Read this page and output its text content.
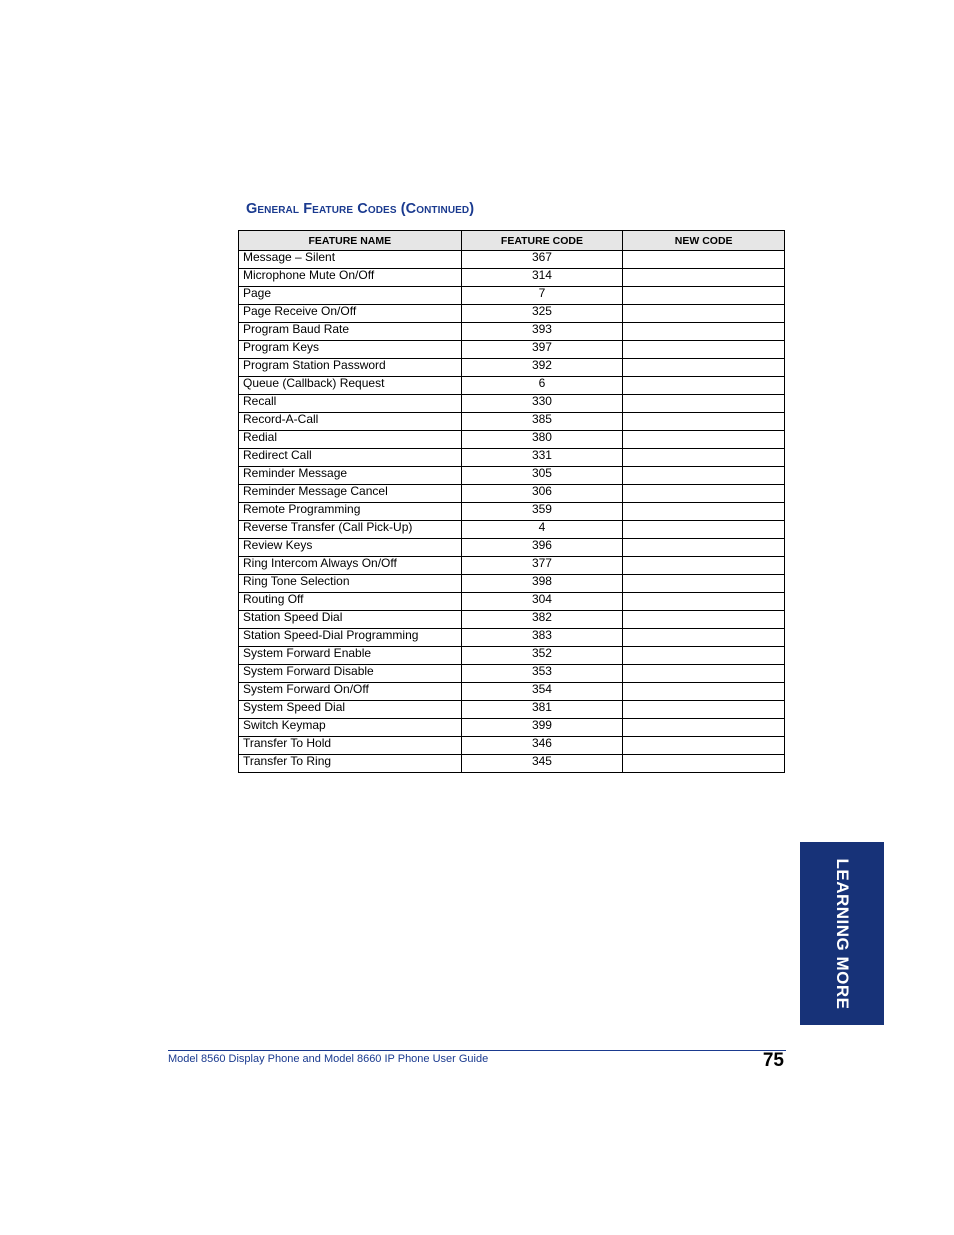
General Feature Codes (Continued)
FEATURE NAME	FEATURE CODE	NEW CODE
Message – Silent	367	
Microphone Mute On/Off	314	
Page	7	
Page Receive On/Off	325	
Program Baud Rate	393	
Program Keys	397	
Program Station Password	392	
Queue (Callback) Request	6	
Recall	330	
Record-A-Call	385	
Redial	380	
Redirect Call	331	
Reminder Message	305	
Reminder Message Cancel	306	
Remote Programming	359	
Reverse Transfer (Call Pick-Up)	4	
Review Keys	396	
Ring Intercom Always On/Off	377	
Ring Tone Selection	398	
Routing Off	304	
Station Speed Dial	382	
Station Speed-Dial Programming	383	
System Forward Enable	352	
System Forward Disable	353	
System Forward On/Off	354	
System Speed Dial	381	
Switch Keymap	399	
Transfer To Hold	346	
Transfer To Ring	345	
LEARNING MORE
Model 8560 Display Phone and Model 8660 IP Phone User Guide	75
